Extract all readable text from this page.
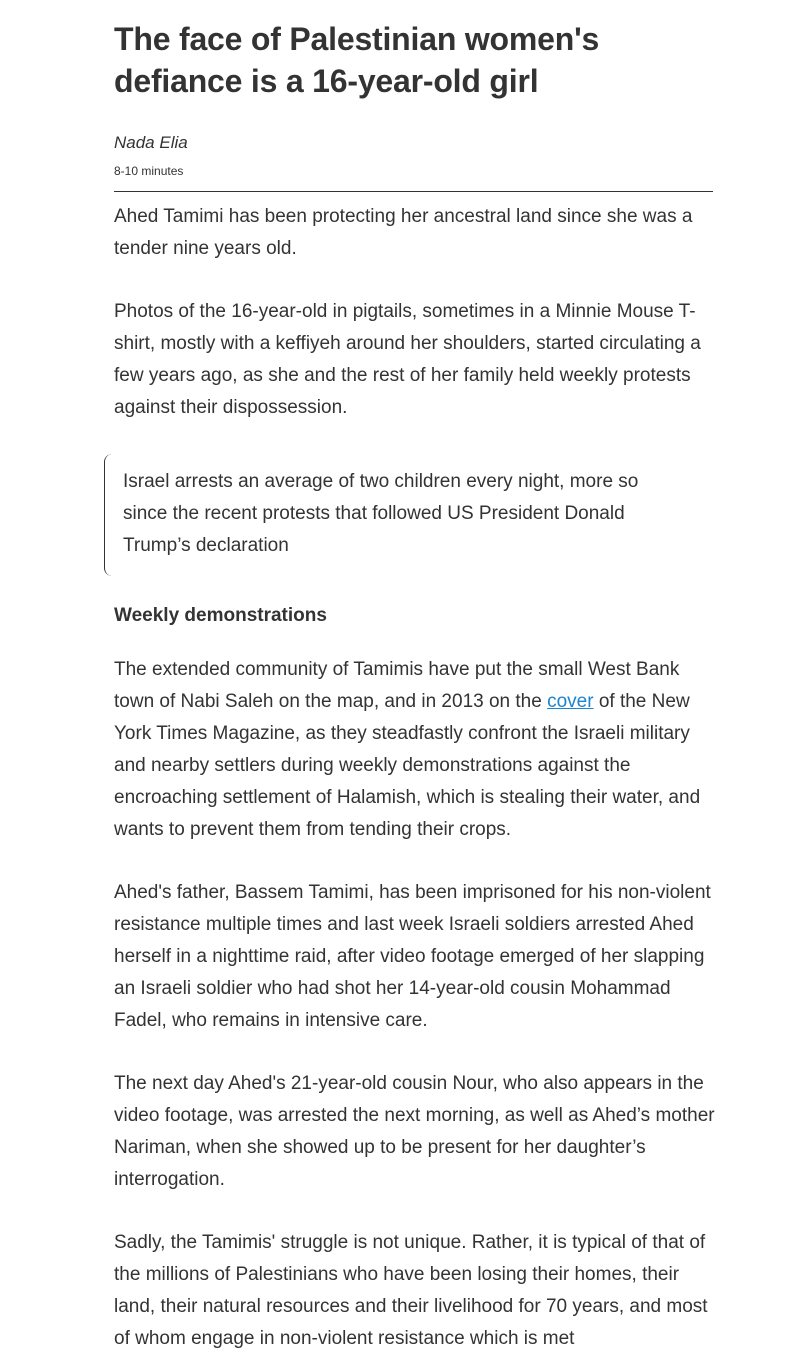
The face of Palestinian women's defiance is a 16-year-old girl
Nada Elia
8-10 minutes

Ahed Tamimi has been protecting her ancestral land since she was a tender nine years old.

Photos of the 16-year-old in pigtails, sometimes in a Minnie Mouse T-shirt, mostly with a keffiyeh around her shoulders, started circulating a few years ago, as she and the rest of her family held weekly protests against their dispossession.

Israel arrests an average of two children every night, more so since the recent protests that followed US President Donald Trump’s declaration
Weekly demonstrations

The extended community of Tamimis have put the small West Bank town of Nabi Saleh on the map, and in 2013 on the cover of the New York Times Magazine, as they steadfastly confront the Israeli military and nearby settlers during weekly demonstrations against the encroaching settlement of Halamish, which is stealing their water, and wants to prevent them from tending their crops.

Ahed's father, Bassem Tamimi, has been imprisoned for his non-violent resistance multiple times and last week Israeli soldiers arrested Ahed herself in a nighttime raid, after video footage emerged of her slapping an Israeli soldier who had shot her 14-year-old cousin Mohammad Fadel, who remains in intensive care.

The next day Ahed's 21-year-old cousin Nour, who also appears in the video footage, was arrested the next morning, as well as Ahed’s mother Nariman, when she showed up to be present for her daughter’s interrogation.

Sadly, the Tamimis' struggle is not unique. Rather, it is typical of that of the millions of Palestinians who have been losing their homes, their land, their natural resources and their livelihood for 70 years, and most of whom engage in non-violent resistance which is met
